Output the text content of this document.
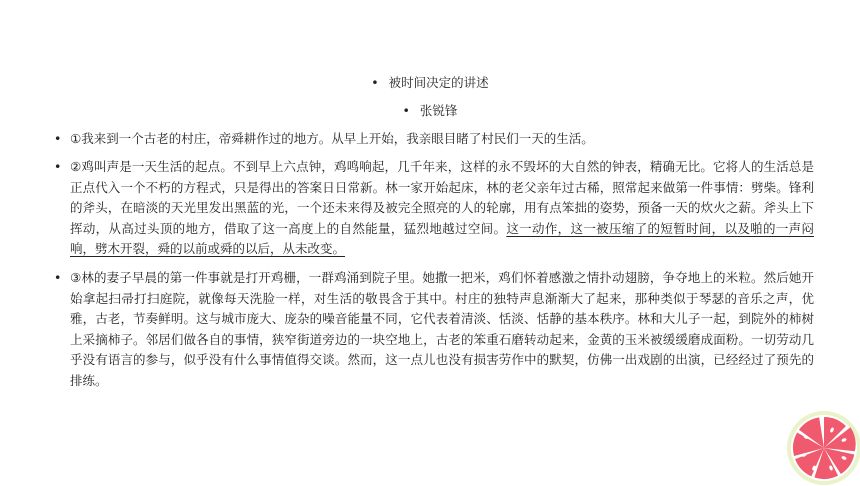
• 被时间决定的讲述
• 张锐锋
• ①我来到一个古老的村庄，帝舜耕作过的地方。从早上开始，我亲眼目睹了村民们一天的生活。
• ②鸡叫声是一天生活的起点。不到早上六点钟，鸡鸣响起，几千年来，这样的永不毁坏的大自然的钟表，精确无比。它将人的生活总是正点代入一个不朽的方程式，只是得出的答案日日常新。林一家开始起床，林的老父亲年过古稀，照常起来做第一件事情：劈柴。锋利的斧头，在暗淡的天光里发出黑蓝的光，一个还未来得及被完全照亮的人的轮廓，用有点笨拙的姿势，预备一天的炊火之薪。斧头上下挥动，从高过头顶的地方，借取了这一高度上的自然能量，猛烈地越过空间。这一动作，这一被压缩了的短暂时间，以及啪的一声闷响，劈木开裂，舜的以前或舜的以后，从未改变。
• ③林的妻子早晨的第一件事就是打开鸡栅，一群鸡涌到院子里。她撒一把米，鸡们怀着感激之情扑动翅膀，争夺地上的米粒。然后她开始拿起扫帚打扫庭院，就像每天洗脸一样，对生活的敬畏含于其中。村庄的独特声息渐渐大了起来，那种类似于琴瑟的音乐之声，优雅，古老，节奏鲜明。这与城市庞大、庞杂的噪音能量不同，它代表着清淡、恬淡、恬静的基本秩序。林和大儿子一起，到院外的柿树上采摘柿子。邻居们做各自的事情，狭窄街道旁边的一块空地上，古老的笨重石磨转动起来，金黄的玉米被缓缓磨成面粉。一切劳动几乎没有语言的参与，似乎没有什么事情值得交谈。然而，这一点儿也没有损害劳作中的默契，仿佛一出戏剧的出演，已经经过了预先的排练。
